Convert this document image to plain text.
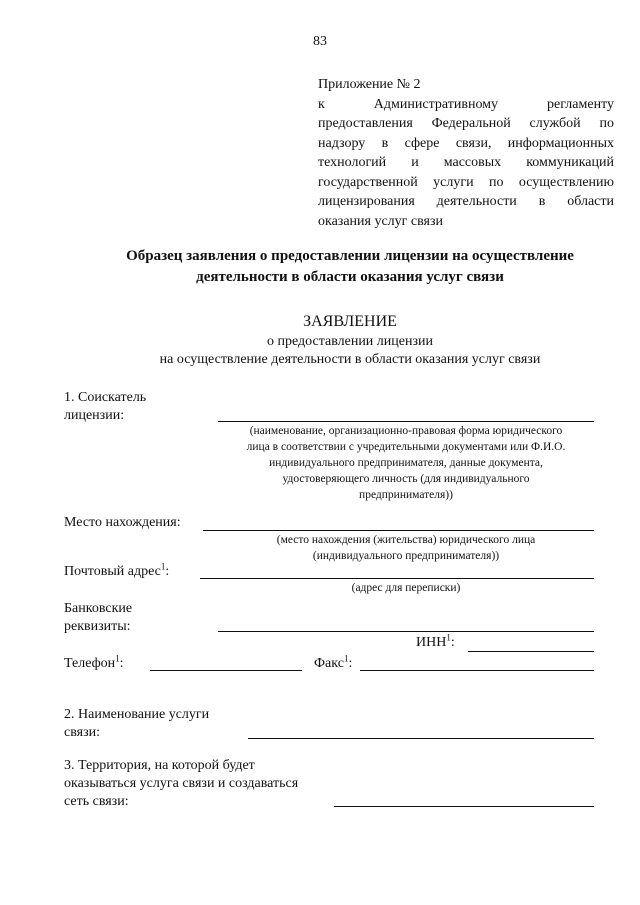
83
Приложение № 2
к Административному регламенту
предоставления Федеральной службой по
надзору в сфере связи, информационных
технологий и массовых коммуникаций
государственной услуги по осуществлению
лицензирования деятельности в области
оказания услуг связи
Образец заявления о предоставлении лицензии на осуществление
деятельности в области оказания услуг связи
ЗАЯВЛЕНИЕ
о предоставлении лицензии
на осуществление деятельности в области оказания услуг связи
1. Соискатель
лицензии:
(наименование, организационно-правовая форма юридического
лица в соответствии с учредительными документами или Ф.И.О.
индивидуального предпринимателя, данные документа,
удостоверяющего личность (для индивидуального
предпринимателя))
Место нахождения:
(место нахождения (жительства) юридического лица
(индивидуального предпринимателя))
Почтовый адрес$^1$:
(адрес для переписки)
Банковские
реквизиты:
ИНН$^1$:
Телефон$^1$:	Факс$^1$:
2. Наименование услуги
связи:
3. Территория, на которой будет
оказываться услуга связи и создаваться
сеть связи:
